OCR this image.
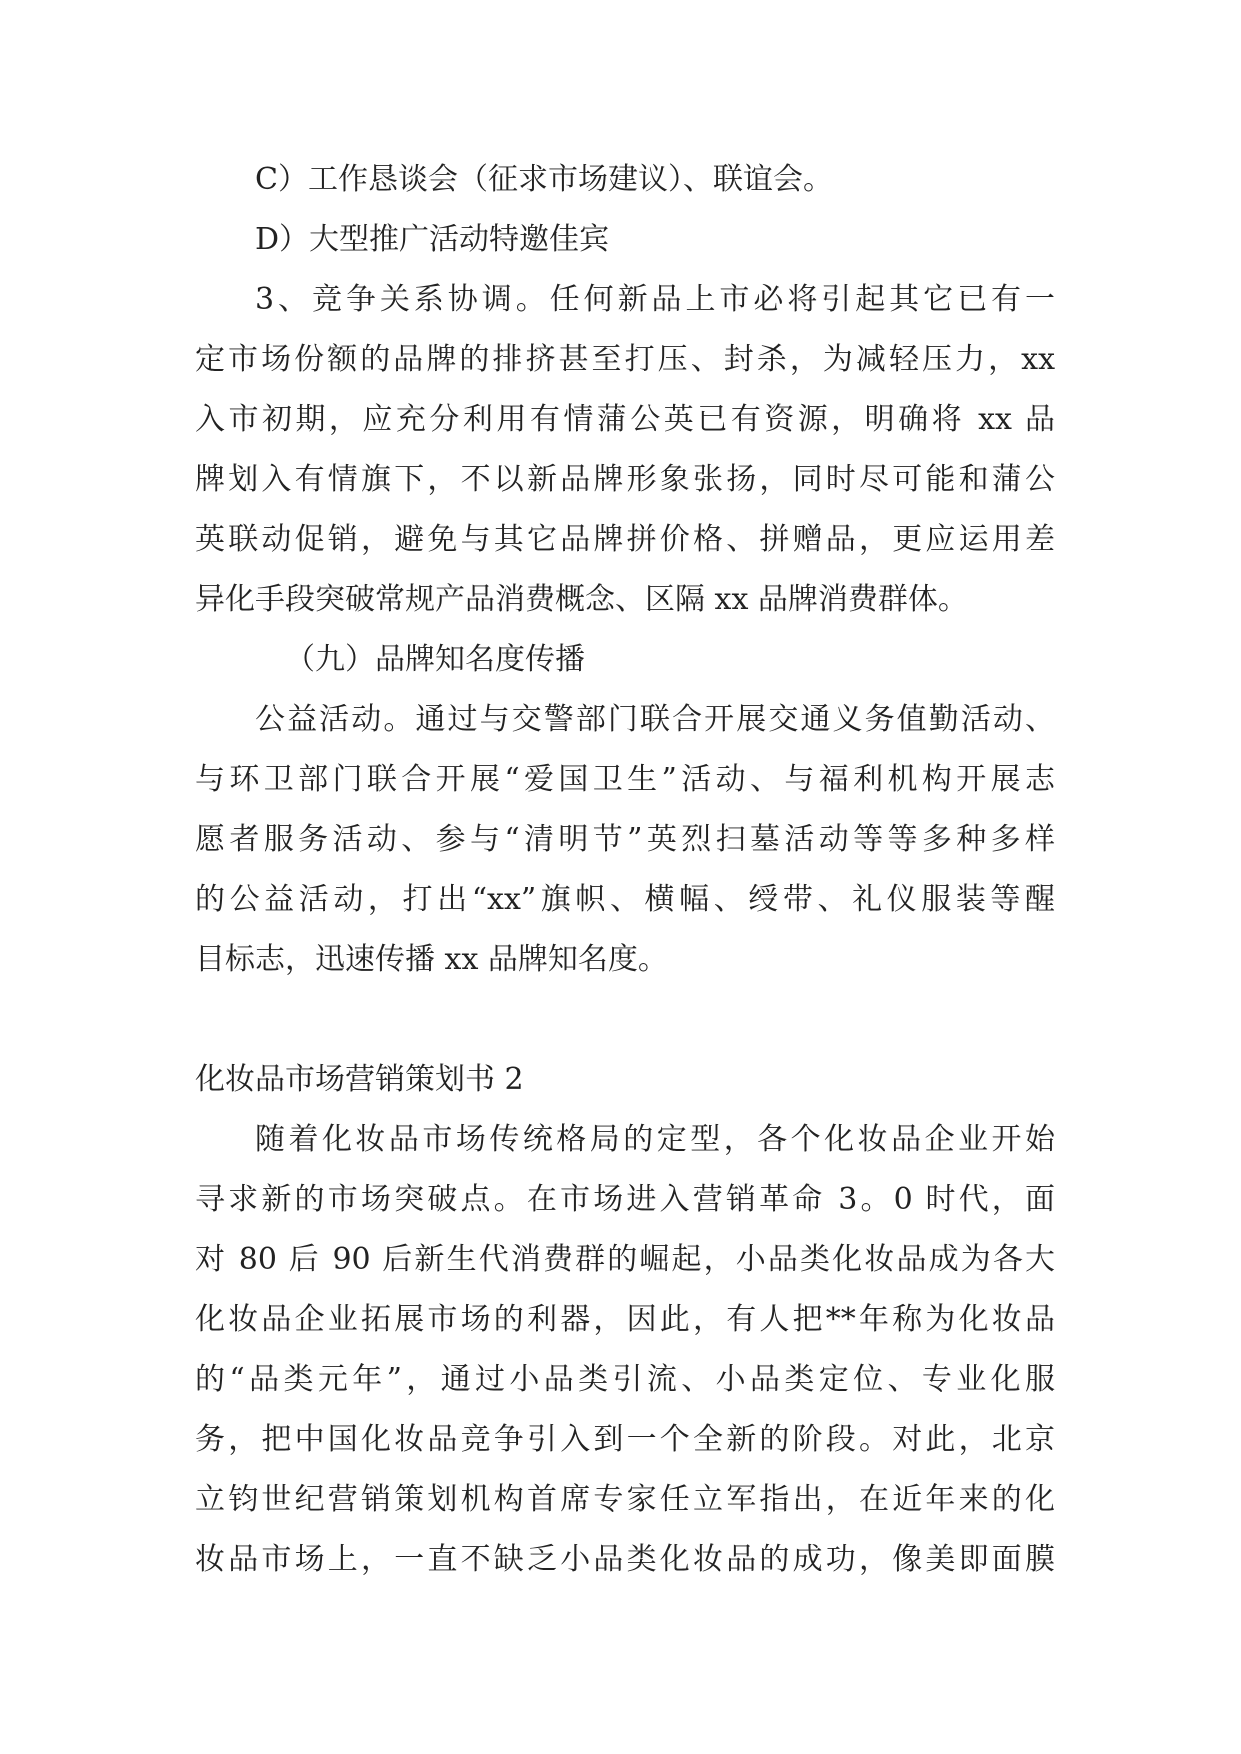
C）工作恳谈会（征求市场建议）、联谊会。
D）大型推广活动特邀佳宾
3、竞争关系协调。任何新品上市必将引起其它已有一
定市场份额的品牌的排挤甚至打压、封杀，为减轻压力，xx
入市初期，应充分利用有情蒲公英已有资源，明确将 xx 品
牌划入有情旗下，不以新品牌形象张扬，同时尽可能和蒲公
英联动促销，避免与其它品牌拼价格、拼赠品，更应运用差
异化手段突破常规产品消费概念、区隔 xx 品牌消费群体。
（九）品牌知名度传播
公益活动。通过与交警部门联合开展交通义务值勤活动、
与环卫部门联合开展“爱国卫生”活动、与福利机构开展志
愿者服务活动、参与“清明节”英烈扫墓活动等等多种多样
的公益活动，打出“xx”旗帜、横幅、绶带、礼仪服装等醒
目标志，迅速传播 xx 品牌知名度。
化妆品市场营销策划书 2
随着化妆品市场传统格局的定型，各个化妆品企业开始
寻求新的市场突破点。在市场进入营销革命 3。0 时代，面
对 80 后 90 后新生代消费群的崛起，小品类化妆品成为各大
化妆品企业拓展市场的利器，因此，有人把**年称为化妆品
的“品类元年”，通过小品类引流、小品类定位、专业化服
务，把中国化妆品竞争引入到一个全新的阶段。对此，北京
立钧世纪营销策划机构首席专家任立军指出，在近年来的化
妆品市场上，一直不缺乏小品类化妆品的成功，像美即面膜
